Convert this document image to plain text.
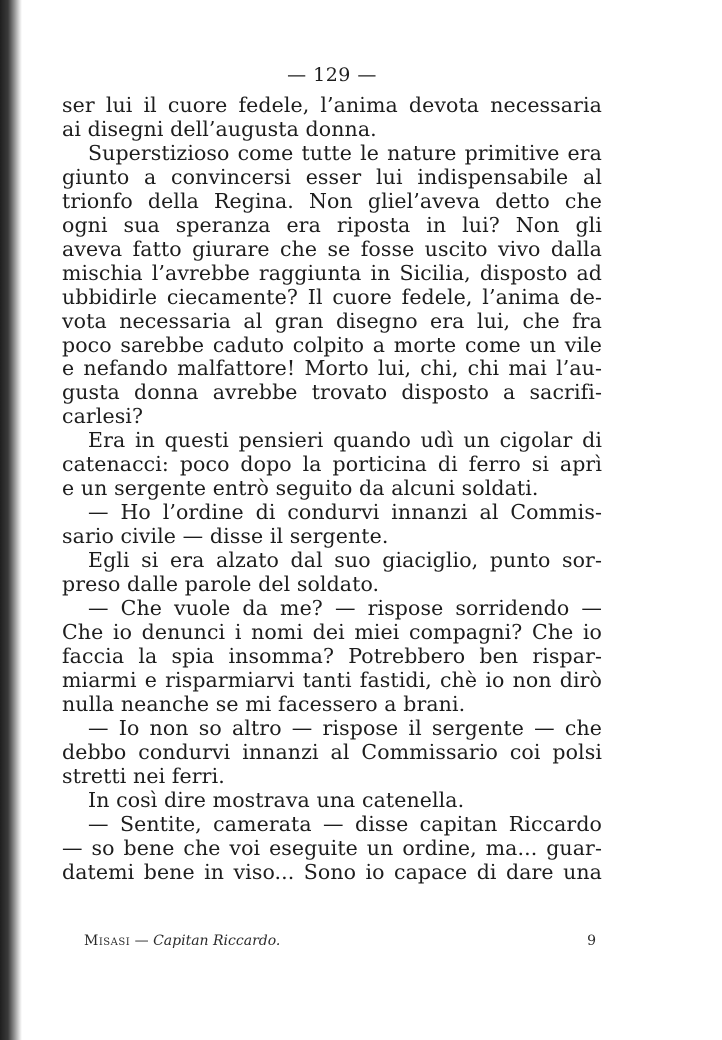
— 129 —
ser lui il cuore fedele, l’anima devota necessaria
ai disegni dell’augusta donna.
Superstizioso come tutte le nature primitive era
giunto a convincersi esser lui indispensabile al
trionfo della Regina. Non gliel’aveva detto che
ogni sua speranza era riposta in lui? Non gli
aveva fatto giurare che se fosse uscito vivo dalla
mischia l’avrebbe raggiunta in Sicilia, disposto ad
ubbidirle ciecamente? Il cuore fedele, l’anima de-
vota necessaria al gran disegno era lui, che fra
poco sarebbe caduto colpito a morte come un vile
e nefando malfattore! Morto lui, chi, chi mai l’au-
gusta donna avrebbe trovato disposto a sacrifi-
carlesi?
Era in questi pensieri quando udì un cigolar di
catenacci: poco dopo la porticina di ferro si aprì
e un sergente entrò seguito da alcuni soldati.
— Ho l’ordine di condurvi innanzi al Commis-
sario civile — disse il sergente.
Egli si era alzato dal suo giaciglio, punto sor-
preso dalle parole del soldato.
— Che vuole da me? — rispose sorridendo —
Che io denunci i nomi dei miei compagni? Che io
faccia la spia insomma? Potrebbero ben rispar-
miarmi e risparmiarvi tanti fastidi, chè io non dirò
nulla neanche se mi facessero a brani.
— Io non so altro — rispose il sergente — che
debbo condurvi innanzi al Commissario coi polsi
stretti nei ferri.
In così dire mostrava una catenella.
— Sentite, camerata — disse capitan Riccardo
— so bene che voi eseguite un ordine, ma... guar-
datemi bene in viso... Sono io capace di dare una
Misasi — Capitan Riccardo.	9
